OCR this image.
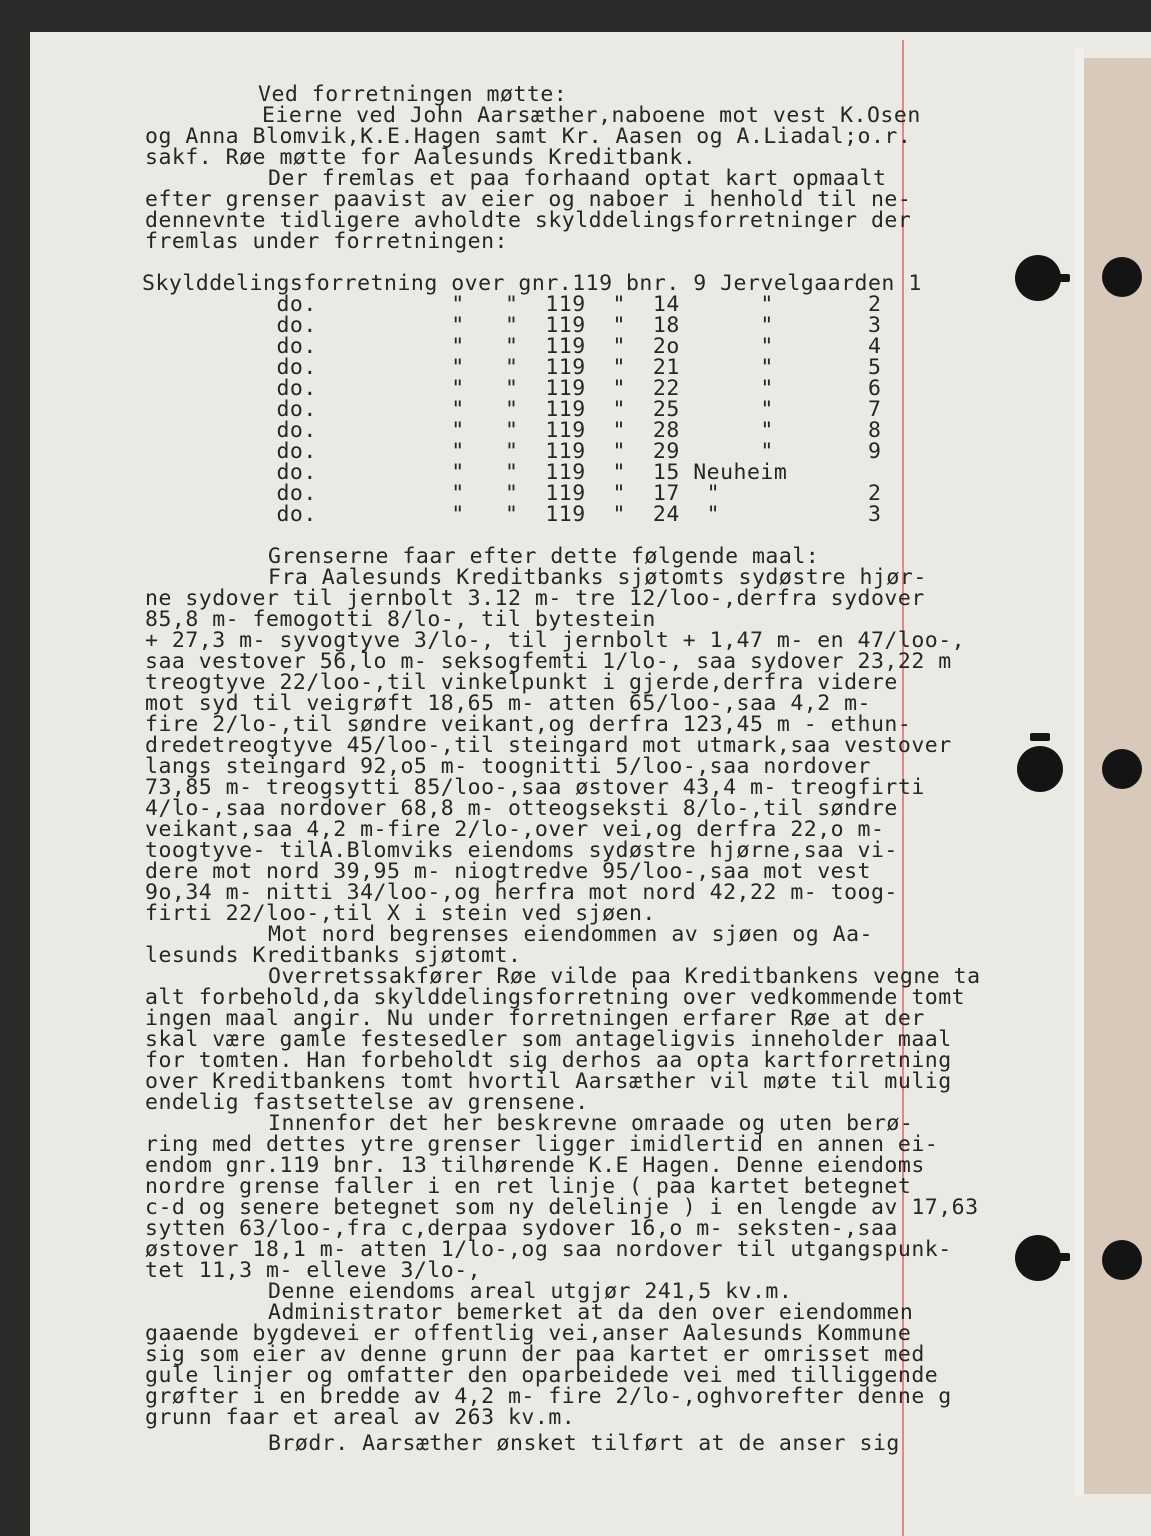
Ved forretningen møtte:
Eierne ved John Aarsæther,naboene mot vest K.Osen
og Anna Blomvik,K.E.Hagen samt Kr. Aasen og A.Liadal;o.r.
sakf. Røe møtte for Aalesunds Kreditbank.
Der fremlas et paa forhaand optat kart opmaalt
efter grenser paavist av eier og naboer i henhold til ne-
dennevnte tidligere avholdte skylddelingsforretninger der
fremlas under forretningen:
Skylddelingsforretning over gnr.119 bnr. 9 Jervelgaarden 1
do.          "   "  119  "  14      "       2
do.          "   "  119  "  18      "       3
do.          "   "  119  "  2o      "       4
do.          "   "  119  "  21      "       5
do.          "   "  119  "  22      "       6
do.          "   "  119  "  25      "       7
do.          "   "  119  "  28      "       8
do.          "   "  119  "  29      "       9
do.          "   "  119  "  15 Neuheim
do.          "   "  119  "  17  "           2
do.          "   "  119  "  24  "           3
Grenserne faar efter dette følgende maal:
Fra Aalesunds Kreditbanks sjøtomts sydøstre hjør-
ne sydover til jernbolt 3.12 m- tre 12/loo-,derfra sydover
85,8 m- femogotti 8/lo-, til bytestein
+ 27,3 m- syvogtyve 3/lo-, til jernbolt + 1,47 m- en 47/loo-,
saa vestover 56,lo m- seksogfemti 1/lo-, saa sydover 23,22 m
treogtyve 22/loo-,til vinkelpunkt i gjerde,derfra videre
mot syd til veigrøft 18,65 m- atten 65/loo-,saa 4,2 m-
fire 2/lo-,til søndre veikant,og derfra 123,45 m - ethun-
dredetreogtyve 45/loo-,til steingard mot utmark,saa vestover
langs steingard 92,o5 m- toognitti 5/loo-,saa nordover
73,85 m- treogsytti 85/loo-,saa østover 43,4 m- treogfirti
4/lo-,saa nordover 68,8 m- otteogseksti 8/lo-,til søndre
veikant,saa 4,2 m-fire 2/lo-,over vei,og derfra 22,o m-
toogtyve- tilA.Blomviks eiendoms sydøstre hjørne,saa vi-
dere mot nord 39,95 m- niogtredve 95/loo-,saa mot vest
9o,34 m- nitti 34/loo-,og herfra mot nord 42,22 m- toog-
firti 22/loo-,til X i stein ved sjøen.
Mot nord begrenses eiendommen av sjøen og Aa-
lesunds Kreditbanks sjøtomt.
Overretssakfører Røe vilde paa Kreditbankens vegne ta
alt forbehold,da skylddelingsforretning over vedkommende tomt
ingen maal angir. Nu under forretningen erfarer Røe at der
skal være gamle festesedler som antageligvis inneholder maal
for tomten. Han forbeholdt sig derhos aa opta kartforretning
over Kreditbankens tomt hvortil Aarsæther vil møte til mulig
endelig fastsettelse av grensene.
Innenfor det her beskrevne omraade og uten berø-
ring med dettes ytre grenser ligger imidlertid en annen ei-
endom gnr.119 bnr. 13 tilhørende K.E Hagen. Denne eiendoms
nordre grense faller i en ret linje ( paa kartet betegnet
c-d og senere betegnet som ny delelinje ) i en lengde av 17,63
sytten 63/loo-,fra c,derpaa sydover 16,o m- seksten-,saa
østover 18,1 m- atten 1/lo-,og saa nordover til utgangspunk-
tet 11,3 m- elleve 3/lo-,
Denne eiendoms areal utgjør 241,5 kv.m.
Administrator bemerket at da den over eiendommen
gaaende bygdevei er offentlig vei,anser Aalesunds Kommune
sig som eier av denne grunn der paa kartet er omrisset med
gule linjer og omfatter den oparbeidede vei med tilliggende
grøfter i en bredde av 4,2 m- fire 2/lo-,oghvorefter denne g
grunn faar et areal av 263 kv.m.
Brødr. Aarsæther ønsket tilført at de anser sig
